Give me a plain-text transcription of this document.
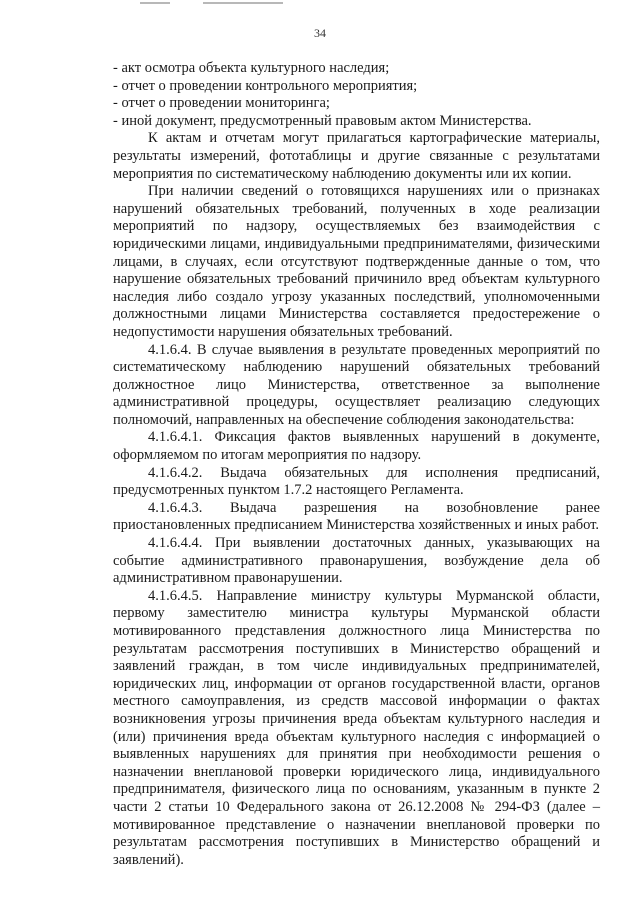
34

- акт осмотра объекта культурного наследия;

- отчет о проведении контрольного мероприятия;

- отчет о проведении мониторинга;

- иной документ, предусмотренный правовым актом Министерства.

К актам и отчетам могут прилагаться картографические материалы, результаты измерений, фототаблицы и другие связанные с результатами мероприятия по систематическому наблюдению документы или их копии.

При наличии сведений о готовящихся нарушениях или о признаках нарушений обязательных требований, полученных в ходе реализации мероприятий по надзору, осуществляемых без взаимодействия с юридическими лицами, индивидуальными предпринимателями, физическими лицами, в случаях, если отсутствуют подтвержденные данные о том, что нарушение обязательных требований причинило вред объектам культурного наследия либо создало угрозу указанных последствий, уполномоченными должностными лицами Министерства составляется предостережение о недопустимости нарушения обязательных требований.

4.1.6.4. В случае выявления в результате проведенных мероприятий по систематическому наблюдению нарушений обязательных требований должностное лицо Министерства, ответственное за выполнение административной процедуры, осуществляет реализацию следующих полномочий, направленных на обеспечение соблюдения законодательства:

4.1.6.4.1. Фиксация фактов выявленных нарушений в документе, оформляемом по итогам мероприятия по надзору.

4.1.6.4.2. Выдача обязательных для исполнения предписаний, предусмотренных пунктом 1.7.2 настоящего Регламента.

4.1.6.4.3. Выдача разрешения на возобновление ранее приостановленных предписанием Министерства хозяйственных и иных работ.

4.1.6.4.4. При выявлении достаточных данных, указывающих на событие административного правонарушения, возбуждение дела об административном правонарушении.

4.1.6.4.5. Направление министру культуры Мурманской области, первому заместителю министра культуры Мурманской области мотивированного представления должностного лица Министерства по результатам рассмотрения поступивших в Министерство обращений и заявлений граждан, в том числе индивидуальных предпринимателей, юридических лиц, информации от органов государственной власти, органов местного самоуправления, из средств массовой информации о фактах возникновения угрозы причинения вреда объектам культурного наследия и (или) причинения вреда объектам культурного наследия с информацией о выявленных нарушениях для принятия при необходимости решения о назначении внеплановой проверки юридического лица, индивидуального предпринимателя, физического лица по основаниям, указанным в пункте 2 части 2 статьи 10 Федерального закона от 26.12.2008 № 294-ФЗ (далее – мотивированное представление о назначении внеплановой проверки по результатам рассмотрения поступивших в Министерство обращений и заявлений).
